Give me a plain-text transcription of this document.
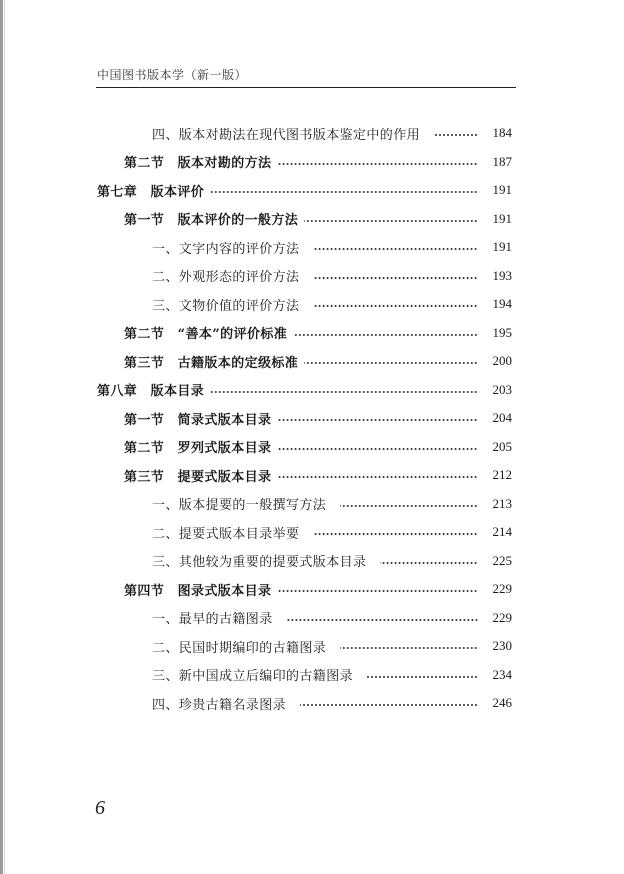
中国图书版本学（新一版）
四、版本对勘法在现代图书版本鉴定中的作用	184
第二节　版本对勘的方法	187
第七章　版本评价	191
第一节　版本评价的一般方法	191
一、文字内容的评价方法	191
二、外观形态的评价方法	193
三、文物价值的评价方法	194
第二节　“善本”的评价标准	195
第三节　古籍版本的定级标准	200
第八章　版本目录	203
第一节　简录式版本目录	204
第二节　罗列式版本目录	205
第三节　提要式版本目录	212
一、版本提要的一般撰写方法	213
二、提要式版本目录举要	214
三、其他较为重要的提要式版本目录	225
第四节　图录式版本目录	229
一、最早的古籍图录	229
二、民国时期编印的古籍图录	230
三、新中国成立后编印的古籍图录	234
四、珍贵古籍名录图录	246
6
